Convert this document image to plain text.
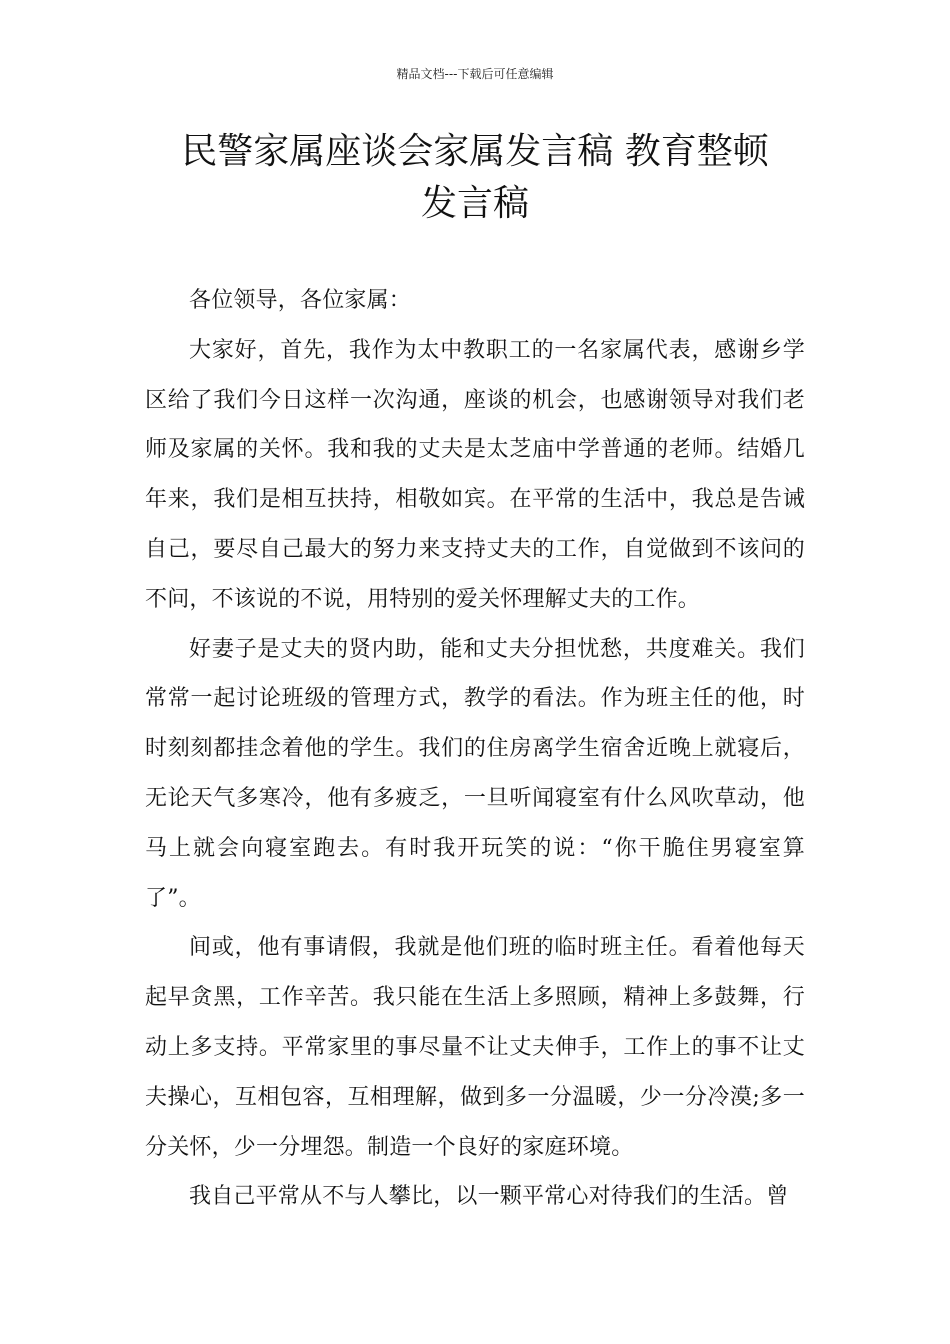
精品文档---下载后可任意编辑
民警家属座谈会家属发言稿 教育整顿
发言稿

各位领导，各位家属：

大家好，首先，我作为太中教职工的一名家属代表，感谢乡学区给了我们今日这样一次沟通，座谈的机会，也感谢领导对我们老师及家属的关怀。我和我的丈夫是太芝庙中学普通的老师。结婚几年来，我们是相互扶持，相敬如宾。在平常的生活中，我总是告诫自己，要尽自己最大的努力来支持丈夫的工作，自觉做到不该问的不问，不该说的不说，用特别的爱关怀理解丈夫的工作。

好妻子是丈夫的贤内助，能和丈夫分担忧愁，共度难关。我们常常一起讨论班级的管理方式，教学的看法。作为班主任的他，时时刻刻都挂念着他的学生。我们的住房离学生宿舍近晚上就寝后，无论天气多寒冷，他有多疲乏，一旦听闻寝室有什么风吹草动，他马上就会向寝室跑去。有时我开玩笑的说：“你干脆住男寝室算了”。

间或，他有事请假，我就是他们班的临时班主任。看着他每天起早贪黑，工作辛苦。我只能在生活上多照顾，精神上多鼓舞，行动上多支持。平常家里的事尽量不让丈夫伸手，工作上的事不让丈夫操心，互相包容，互相理解，做到多一分温暖，少一分冷漠;多一分关怀，少一分埋怨。制造一个良好的家庭环境。

我自己平常从不与人攀比，以一颗平常心对待我们的生活。曾
